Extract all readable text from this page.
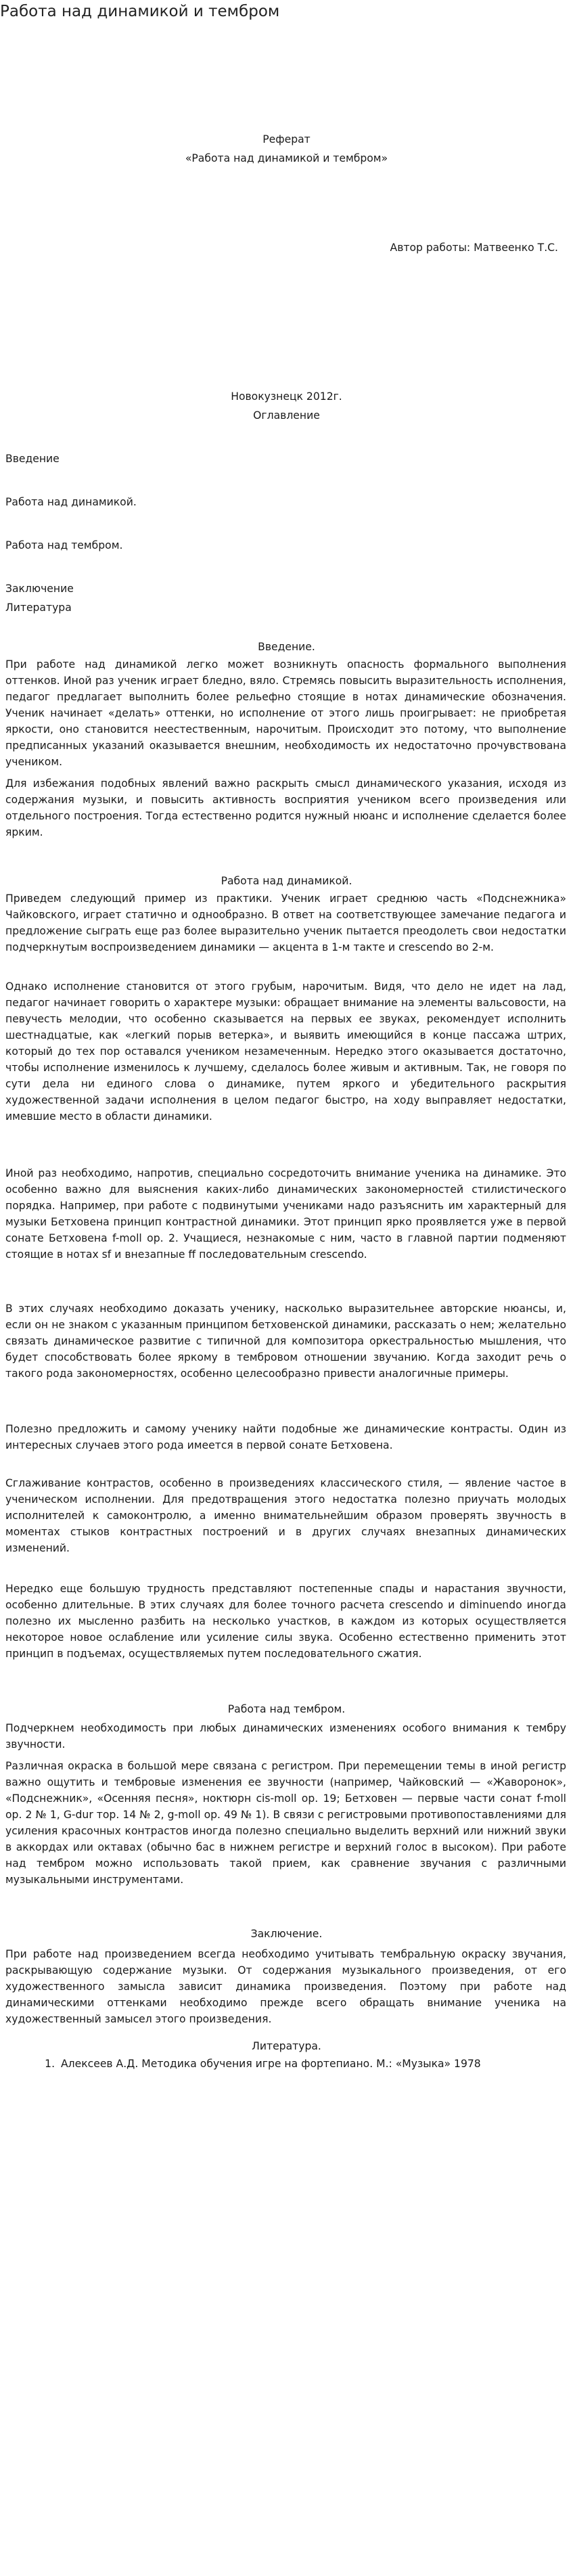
Работа над динамикой и тембром

Реферат

«Работа над динамикой и тембром»

Автор работы: Матвеенко Т.С.

Новокузнецк 2012г.

Оглавление

Введение

Работа над динамикой.

Работа над тембром.

Заключение

Литература

Введение.

При работе над динамикой легко может возникнуть опасность формального выполнения оттенков. Иной раз ученик играет бледно, вяло. Стремясь повысить выразительность исполнения, педагог предлагает выполнить более рельефно стоящие в нотах динамические обозначения. Ученик начинает «делать» оттенки, но исполнение от этого лишь проигрывает: не приобретая яркости, оно становится неестественным, нарочитым. Происходит это потому, что выполнение предписанных указаний оказывается внешним, необходимость их недостаточно прочувствована учеником.

Для избежания подобных явлений важно раскрыть смысл динамического указания, исходя из содержания музыки, и повысить активность восприятия учеником всего произведения или отдельного построения. Тогда естественно родится нужный нюанс и исполнение сделается более ярким.

Работа над динамикой.

Приведем следующий пример из практики. Ученик играет среднюю часть «Подснежника» Чайковского, играет статично и однообразно. В ответ на соответствующее замечание педагога и предложение сыграть еще раз более выразительно ученик пытается преодолеть свои недостатки подчеркнутым воспроизведением динамики — акцента в 1-м такте и crescendo во 2-м.

Однако исполнение становится от этого грубым, нарочитым. Видя, что дело не идет на лад, педагог начинает говорить о характере музыки: обращает внимание на элементы вальсовости, на певучесть мелодии, что особенно сказывается на первых ее звуках, рекомендует исполнить шестнадцатые, как «легкий порыв ветерка», и выявить имеющийся в конце пассажа штрих, который до тех пор оставался учеником незамеченным. Нередко этого оказывается достаточно, чтобы исполнение изменилось к лучшему, сделалось более живым и активным. Так, не говоря по сути дела ни единого слова о динамике, путем яркого и убедительного раскрытия художественной задачи исполнения в целом педагог быстро, на ходу выправляет недостатки, имевшие место в области динамики.

Иной раз необходимо, напротив, специально сосредоточить внимание ученика на динамике. Это особенно важно для выяснения каких-либо динамических закономерностей стилистического порядка. Например, при работе с подвинутыми учениками надо разъяснить им характерный для музыки Бетховена принцип контрастной динамики. Этот принцип ярко проявляется уже в первой сонате Бетховена f-moll ор. 2. Учащиеся, незнакомые с ним, часто в главной партии подменяют стоящие в нотах sf и внезапные ff последовательным crescendo.

В этих случаях необходимо доказать ученику, насколько выразительнее авторские нюансы, и, если он не знаком с указанным принципом бетховенской динамики, рассказать о нем; желательно связать динамическое развитие с типичной для композитора оркестральностью мышления, что будет способствовать более яркому в тембровом отношении звучанию. Когда заходит речь о такого рода закономерностях, особенно целесообразно привести аналогичные примеры.

Полезно предложить и самому ученику найти подобные же динамические контрасты. Один из интересных случаев этого рода имеется в первой сонате Бетховена.

Сглаживание контрастов, особенно в произведениях классического стиля, — явление частое в ученическом исполнении. Для предотвращения этого недостатка полезно приучать молодых исполнителей к самоконтролю, а именно внимательнейшим образом проверять звучность в моментах стыков контрастных построений и в других случаях внезапных динамических изменений.

Нередко еще большую трудность представляют постепенные спады и нарастания звучности, особенно длительные. В этих случаях для более точного расчета crescendo и diminuendo иногда полезно их мысленно разбить на несколько участков, в каждом из которых осуществляется некоторое новое ослабление или усиление силы звука. Особенно естественно применить этот принцип в подъемах, осуществляемых путем последовательного сжатия.

Работа над тембром.

Подчеркнем необходимость при любых динамических изменениях особого внимания к тембру звучности.

Различная окраска в большой мере связана с регистром. При перемещении темы в иной регистр важно ощутить и тембровые изменения ее звучности (например, Чайковский — «Жаворонок», «Подснежник», «Осенняя песня», ноктюрн cis-moll ор. 19; Бетховен — первые части сонат f-moll ор. 2 № 1, G-dur тор. 14 № 2, g-moll ор. 49 № 1). В связи с регистровыми противопоставлениями для усиления красочных контрастов иногда полезно специально выделить верхний или нижний звуки в аккордах или октавах (обычно бас в нижнем регистре и верхний голос в высоком). При работе над тембром можно использовать такой прием, как сравнение звучания с различными музыкальными инструментами.

Заключение.

При работе над произведением всегда необходимо учитывать тембральную окраску звучания, раскрывающую содержание музыки. От содержания музыкального произведения, от его художественного замысла зависит динамика произведения. Поэтому при работе над динамическими оттенками необходимо прежде всего обращать внимание ученика на художественный замысел этого произведения.

Литература.

1. Алексеев А.Д. Методика обучения игре на фортепиано. М.: «Музыка» 1978
